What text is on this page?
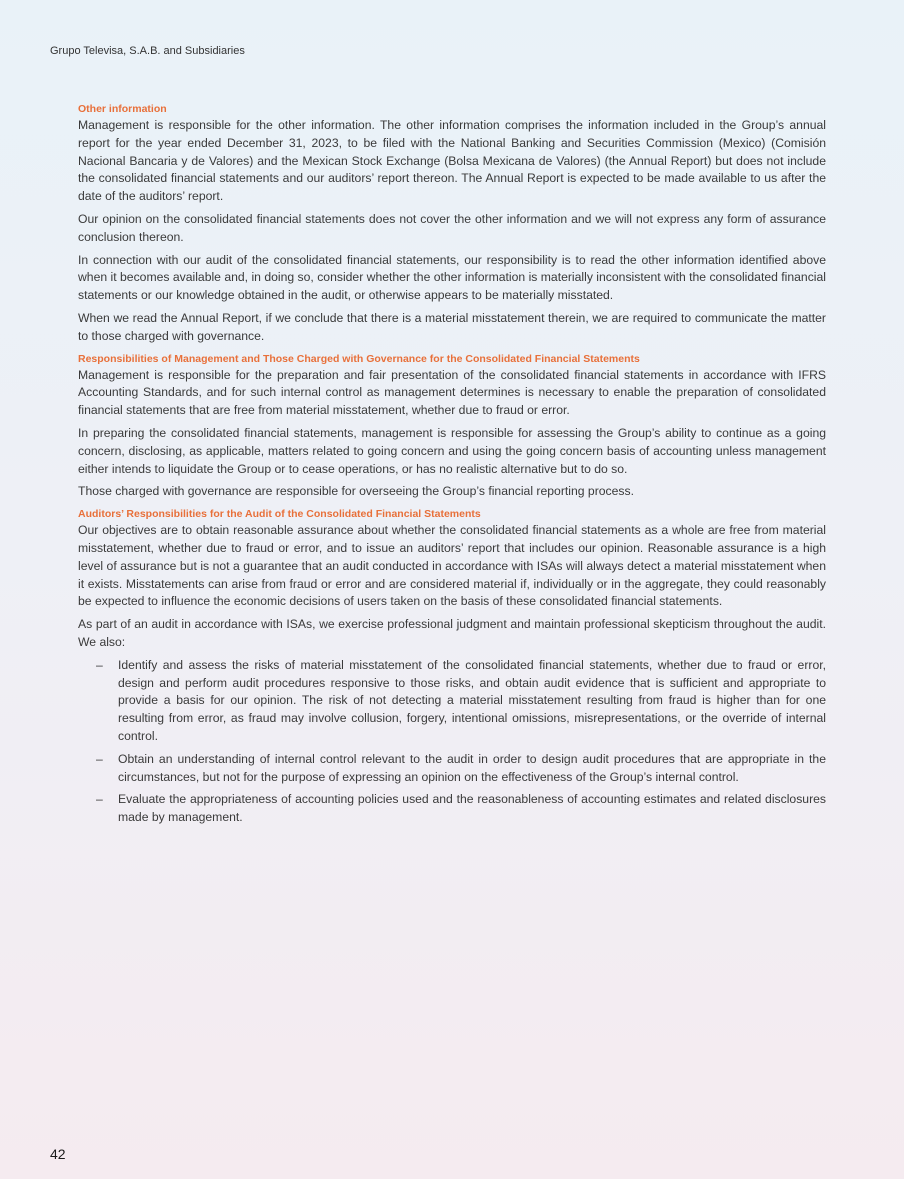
Grupo Televisa, S.A.B. and Subsidiaries
Other information

Management is responsible for the other information. The other information comprises the information included in the Group’s annual report for the year ended December 31, 2023, to be filed with the National Banking and Securities Commission (Mexico) (Comisión Nacional Bancaria y de Valores) and the Mexican Stock Exchange (Bolsa Mexicana de Valores) (the Annual Report) but does not include the consolidated financial statements and our auditors’ report thereon. The Annual Report is expected to be made available to us after the date of the auditors’ report.

Our opinion on the consolidated financial statements does not cover the other information and we will not express any form of assurance conclusion thereon.

In connection with our audit of the consolidated financial statements, our responsibility is to read the other information identified above when it becomes available and, in doing so, consider whether the other information is materially inconsistent with the consolidated financial statements or our knowledge obtained in the audit, or otherwise appears to be materially misstated.

When we read the Annual Report, if we conclude that there is a material misstatement therein, we are required to communicate the matter to those charged with governance.

Responsibilities of Management and Those Charged with Governance for the Consolidated Financial Statements

Management is responsible for the preparation and fair presentation of the consolidated financial statements in accordance with IFRS Accounting Standards, and for such internal control as management determines is necessary to enable the preparation of consolidated financial statements that are free from material misstatement, whether due to fraud or error.

In preparing the consolidated financial statements, management is responsible for assessing the Group’s ability to continue as a going concern, disclosing, as applicable, matters related to going concern and using the going concern basis of accounting unless management either intends to liquidate the Group or to cease operations, or has no realistic alternative but to do so.

Those charged with governance are responsible for overseeing the Group’s financial reporting process.

Auditors’ Responsibilities for the Audit of the Consolidated Financial Statements

Our objectives are to obtain reasonable assurance about whether the consolidated financial statements as a whole are free from material misstatement, whether due to fraud or error, and to issue an auditors’ report that includes our opinion. Reasonable assurance is a high level of assurance but is not a guarantee that an audit conducted in accordance with ISAs will always detect a material misstatement when it exists. Misstatements can arise from fraud or error and are considered material if, individually or in the aggregate, they could reasonably be expected to influence the economic decisions of users taken on the basis of these consolidated financial statements.

As part of an audit in accordance with ISAs, we exercise professional judgment and maintain professional skepticism throughout the audit. We also:

– Identify and assess the risks of material misstatement of the consolidated financial statements, whether due to fraud or error, design and perform audit procedures responsive to those risks, and obtain audit evidence that is sufficient and appropriate to provide a basis for our opinion. The risk of not detecting a material misstatement resulting from fraud is higher than for one resulting from error, as fraud may involve collusion, forgery, intentional omissions, misrepresentations, or the override of internal control.
– Obtain an understanding of internal control relevant to the audit in order to design audit procedures that are appropriate in the circumstances, but not for the purpose of expressing an opinion on the effectiveness of the Group’s internal control.
– Evaluate the appropriateness of accounting policies used and the reasonableness of accounting estimates and related disclosures made by management.
42
